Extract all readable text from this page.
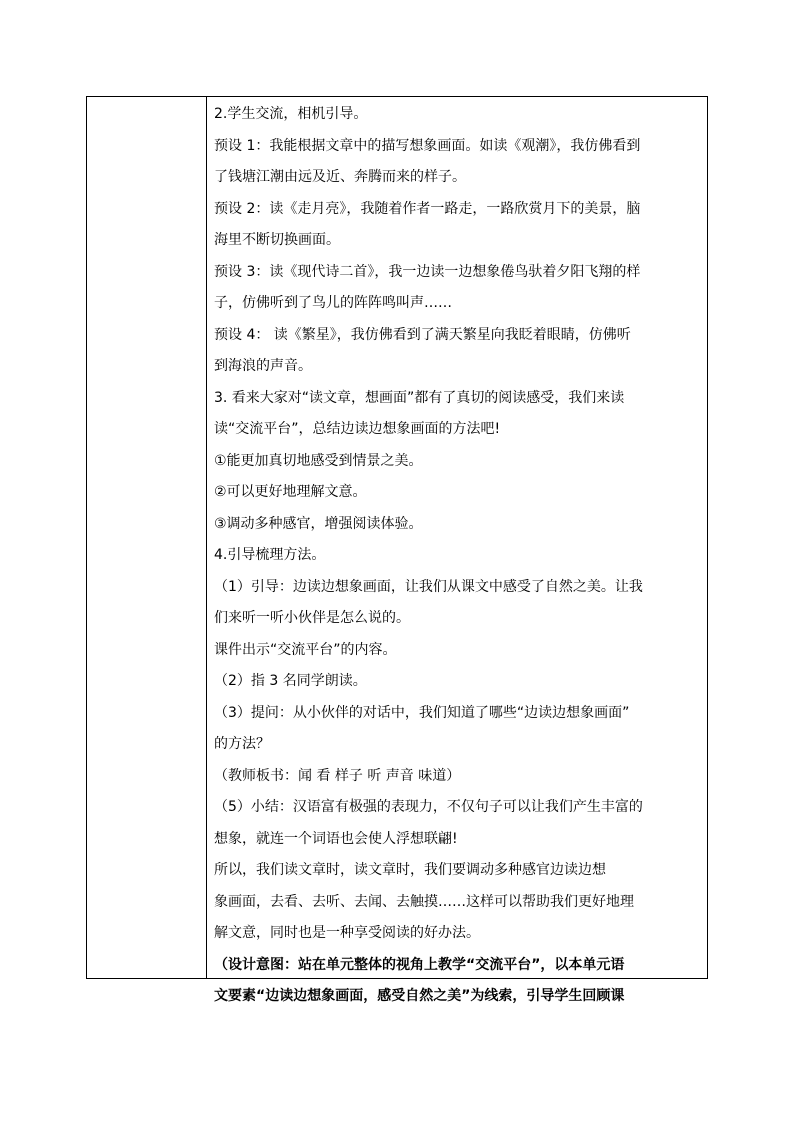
2.学生交流，相机引导。
预设 1：我能根据文章中的描写想象画面。如读《观潮》，我仿佛看到
了钱塘江潮由远及近、奔腾而来的样子。
预设 2：读《走月亮》，我随着作者一路走，一路欣赏月下的美景，脑
海里不断切换画面。
预设 3：读《现代诗二首》，我一边读一边想象倦鸟驮着夕阳飞翔的样
子，仿佛听到了鸟儿的阵阵鸣叫声……
预设 4： 读《繁星》，我仿佛看到了满天繁星向我眨着眼睛，仿佛听
到海浪的声音。
3. 看来大家对“读文章，想画面”都有了真切的阅读感受，我们来读
读“交流平台”，总结边读边想象画面的方法吧!
①能更加真切地感受到情景之美。
②可以更好地理解文意。
③调动多种感官，增强阅读体验。
4.引导梳理方法。
（1）引导：边读边想象画面，让我们从课文中感受了自然之美。让我
们来听一听小伙伴是怎么说的。
课件出示“交流平台”的内容。
（2）指 3 名同学朗读。
（3）提问：从小伙伴的对话中，我们知道了哪些“边读边想象画面”
的方法？
（教师板书：闻 看 样子 听 声音 味道）
（5）小结：汉语富有极强的表现力，不仅句子可以让我们产生丰富的
想象，就连一个词语也会使人浮想联翩!
所以，我们读文章时，读文章时，我们要调动多种感官边读边想
象画面，去看、去听、去闻、去触摸……这样可以帮助我们更好地理
解文意，同时也是一种享受阅读的好办法。
（设计意图：站在单元整体的视角上教学“交流平台”，以本单元语
文要素“边读边想象画面，感受自然之美”为线索，引导学生回顾课
